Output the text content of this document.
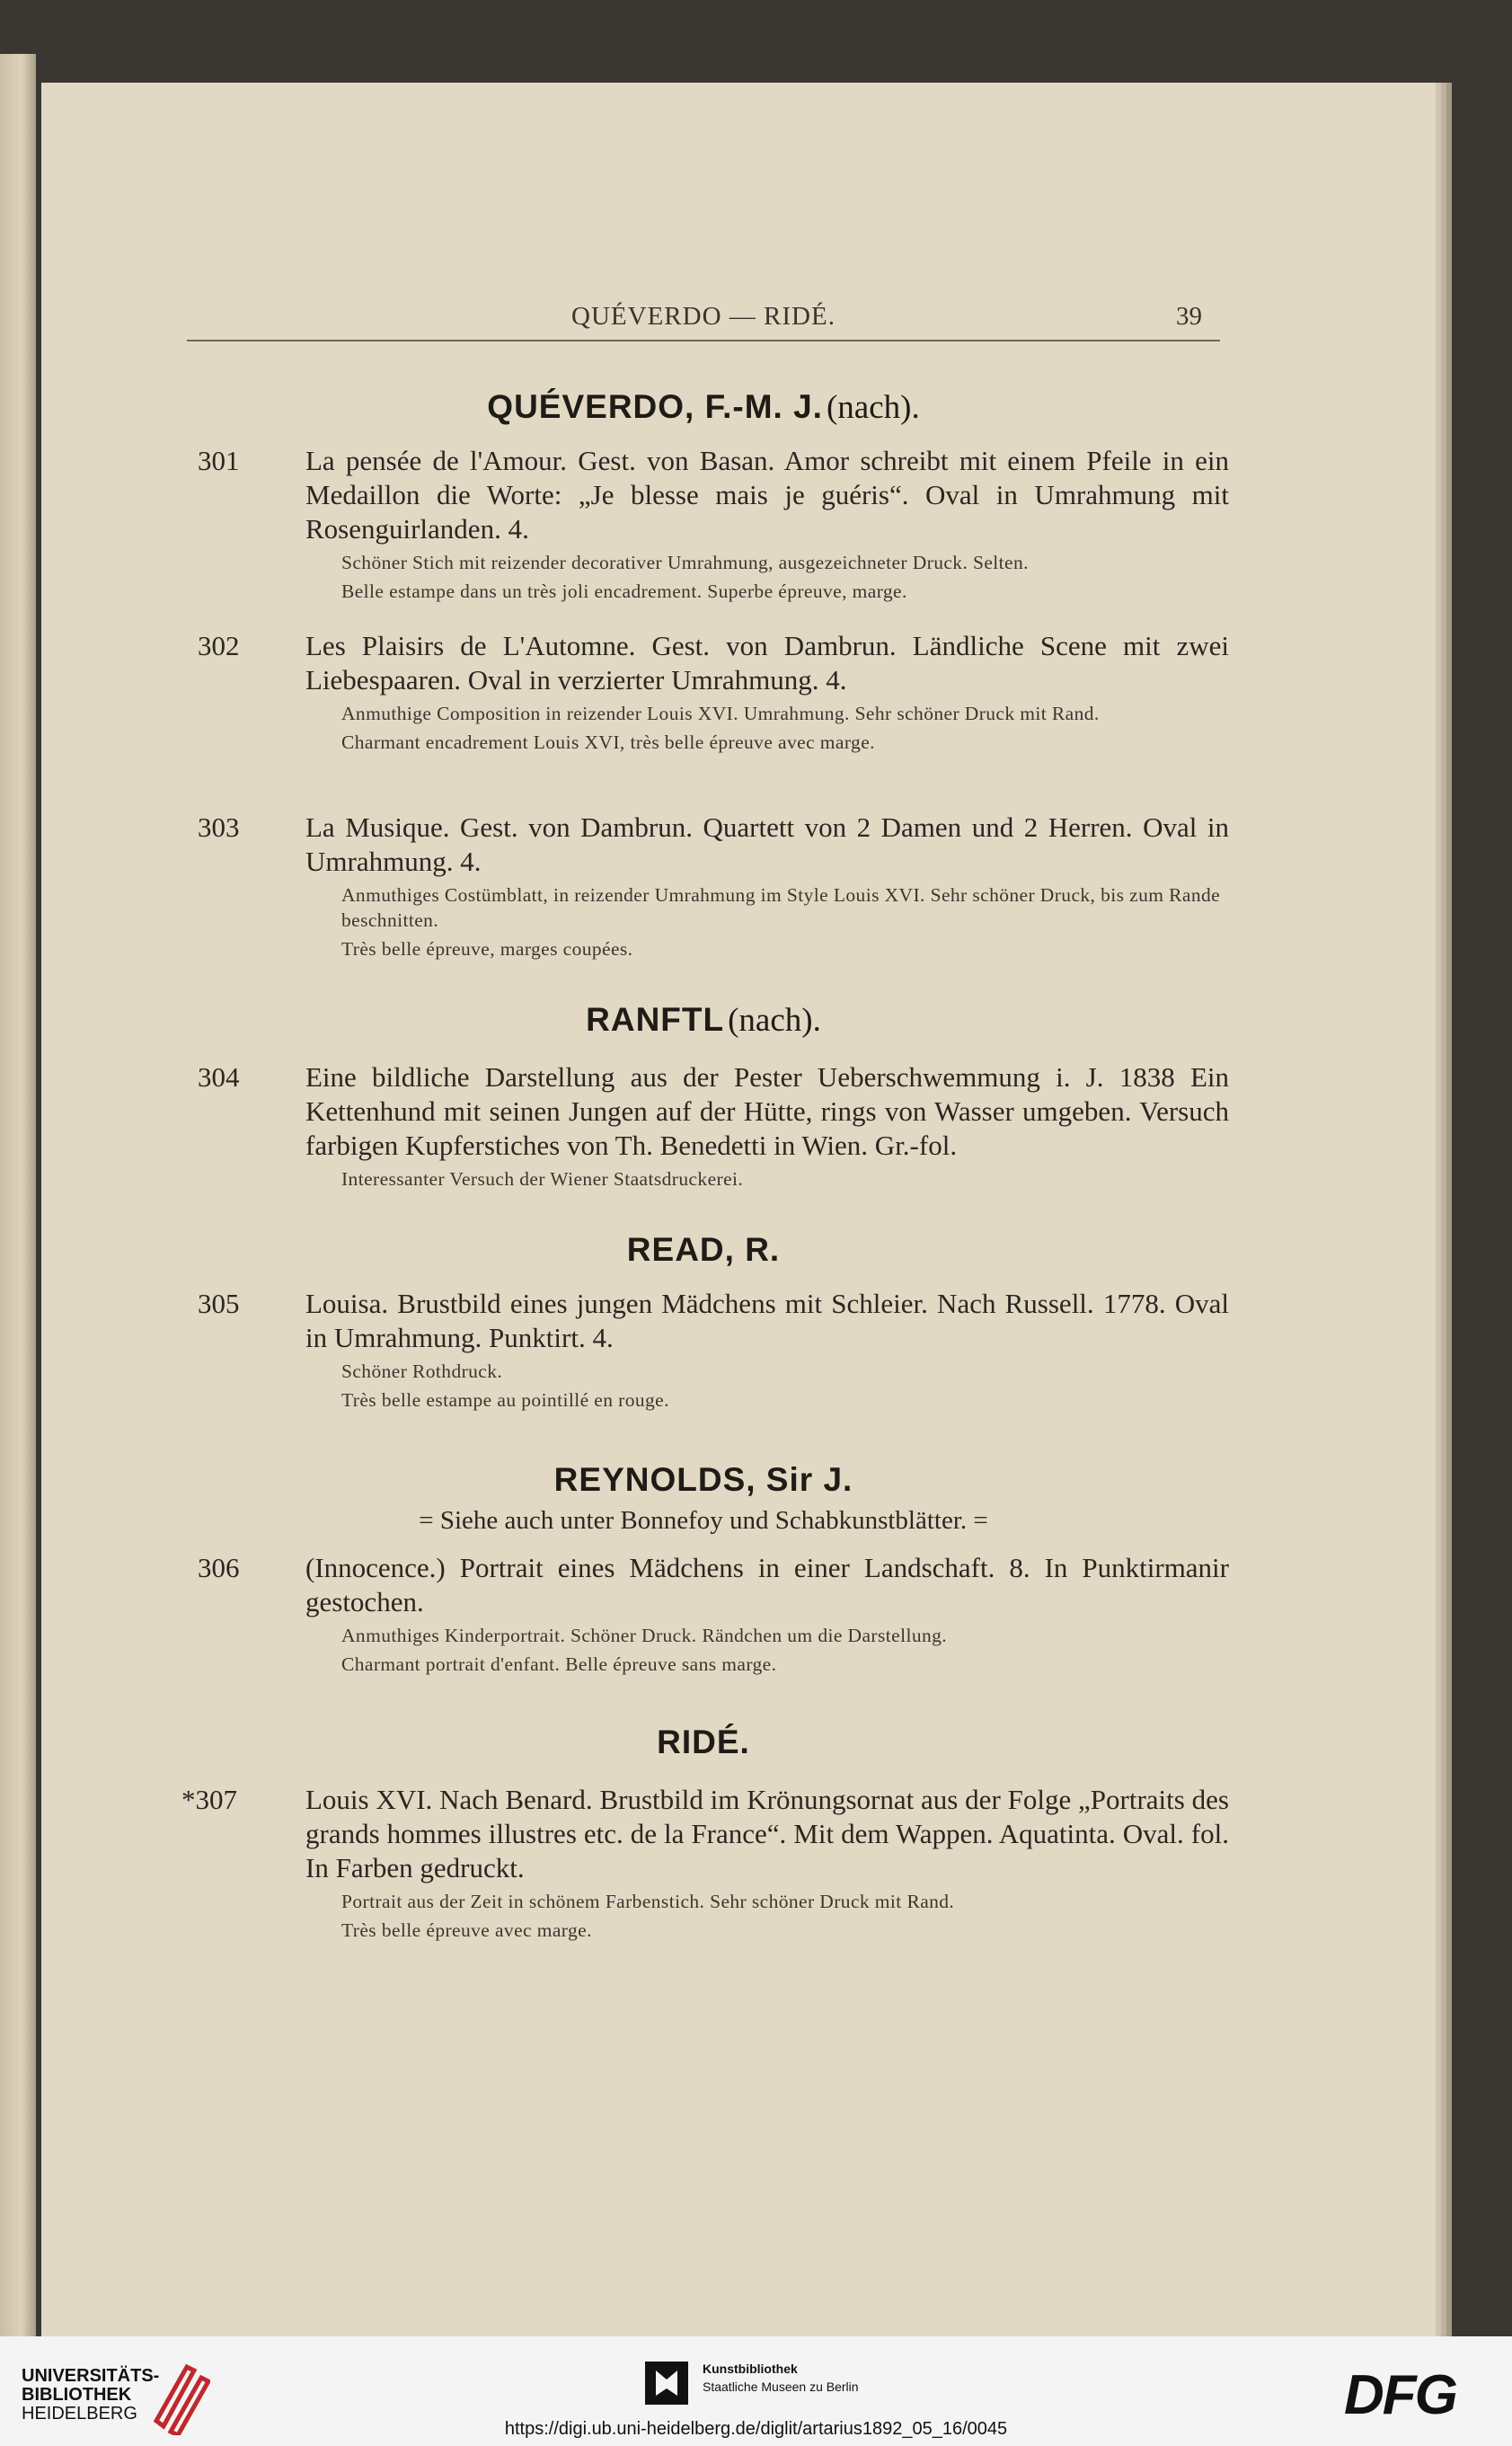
QUÉVERDO — RIDÉ.	39
QUÉVERDO, F.-M. J. (nach).
301 La pensée de l'Amour. Gest. von Basan. Amor schreibt mit einem Pfeile in ein Medaillon die Worte: „Je blesse mais je guéris“. Oval in Umrahmung mit Rosenguirlanden. 4.
Schöner Stich mit reizender decorativer Umrahmung, ausgezeichneter Druck. Selten.
Belle estampe dans un très joli encadrement. Superbe épreuve, marge.
302 Les Plaisirs de L'Automne. Gest. von Dambrun. Ländliche Scene mit zwei Liebespaaren. Oval in verzierter Umrahmung. 4.
Anmuthige Composition in reizender Louis XVI. Umrahmung. Sehr schöner Druck mit Rand.
Charmant encadrement Louis XVI, très belle épreuve avec marge.
303 La Musique. Gest. von Dambrun. Quartett von 2 Damen und 2 Herren. Oval in Umrahmung. 4.
Anmuthiges Costümblatt, in reizender Umrahmung im Style Louis XVI. Sehr schöner Druck, bis zum Rande beschnitten.
Très belle épreuve, marges coupées.
RANFTL (nach).
304 Eine bildliche Darstellung aus der Pester Ueberschwemmung i. J. 1838 Ein Kettenhund mit seinen Jungen auf der Hütte, rings von Wasser umgeben. Versuch farbigen Kupferstiches von Th. Benedetti in Wien. Gr.-fol.
Interessanter Versuch der Wiener Staatsdruckerei.
READ, R.
305 Louisa. Brustbild eines jungen Mädchens mit Schleier. Nach Russell. 1778. Oval in Umrahmung. Punktirt. 4.
Schöner Rothdruck.
Très belle estampe au pointillé en rouge.
REYNOLDS, Sir J.
= Siehe auch unter Bonnefoy und Schabkunstblätter. =
306 (Innocence.) Portrait eines Mädchens in einer Landschaft. 8. In Punktirmanir gestochen.
Anmuthiges Kinderportrait. Schöner Druck. Rändchen um die Darstellung.
Charmant portrait d'enfant. Belle épreuve sans marge.
RIDÉ.
*307 Louis XVI. Nach Benard. Brustbild im Krönungsornat aus der Folge „Portraits des grands hommes illustres etc. de la France“. Mit dem Wappen. Aquatinta. Oval. fol. In Farben gedruckt.
Portrait aus der Zeit in schönem Farbenstich. Sehr schöner Druck mit Rand.
Très belle épreuve avec marge.
UNIVERSITÄTS-
BIBLIOTHEK
HEIDELBERG
Kunstbibliothek
Staatliche Museen zu Berlin	DFG
https://digi.ub.uni-heidelberg.de/diglit/artarius1892_05_16/0045
